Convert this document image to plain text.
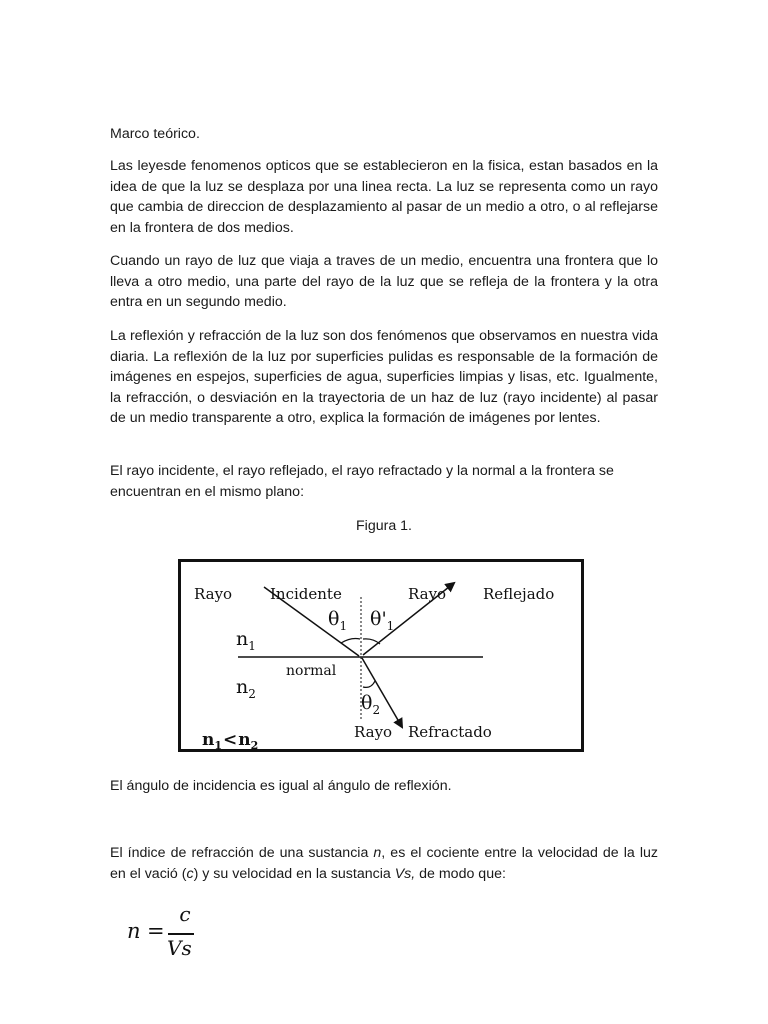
Marco teórico.

Las leyesde fenomenos opticos que se establecieron en la fisica, estan basados en la idea de que la luz se desplaza por una linea recta. La luz se representa como un rayo que cambia de direccion de desplazamiento al pasar de un medio a otro, o al reflejarse en la frontera de dos medios.

Cuando un rayo de luz que viaja a traves de un medio, encuentra una frontera que lo lleva a otro medio, una parte del rayo de la luz que se refleja de la frontera y la otra entra en un segundo medio.

La reflexión y refracción de la luz son dos fenómenos que observamos en nuestra vida diaria. La reflexión de la luz por superficies pulidas es responsable de la formación de imágenes en espejos, superficies de agua, superficies limpias y lisas, etc. Igualmente, la refracción, o desviación en la trayectoria de un haz de luz (rayo incidente) al pasar de un medio transparente a otro, explica la formación de imágenes por lentes.

El rayo incidente, el rayo reflejado, el rayo refractado y la normal a la frontera se encuentran en el mismo plano:

Figura 1.

El ángulo de incidencia es igual al ángulo de reflexión.

El índice de refracción de una sustancia n, es el cociente entre la velocidad de la luz en el vació (c) y su velocidad en la sustancia Vs, de modo que:

Rayo	Incidente	Rayo Reflejado
$\theta_1$ $\theta'_1$
$n_1$
normal
$n_2$	$\theta_2$
Rayo Refractado
$n_1<n_2$
n =
c
Vs
